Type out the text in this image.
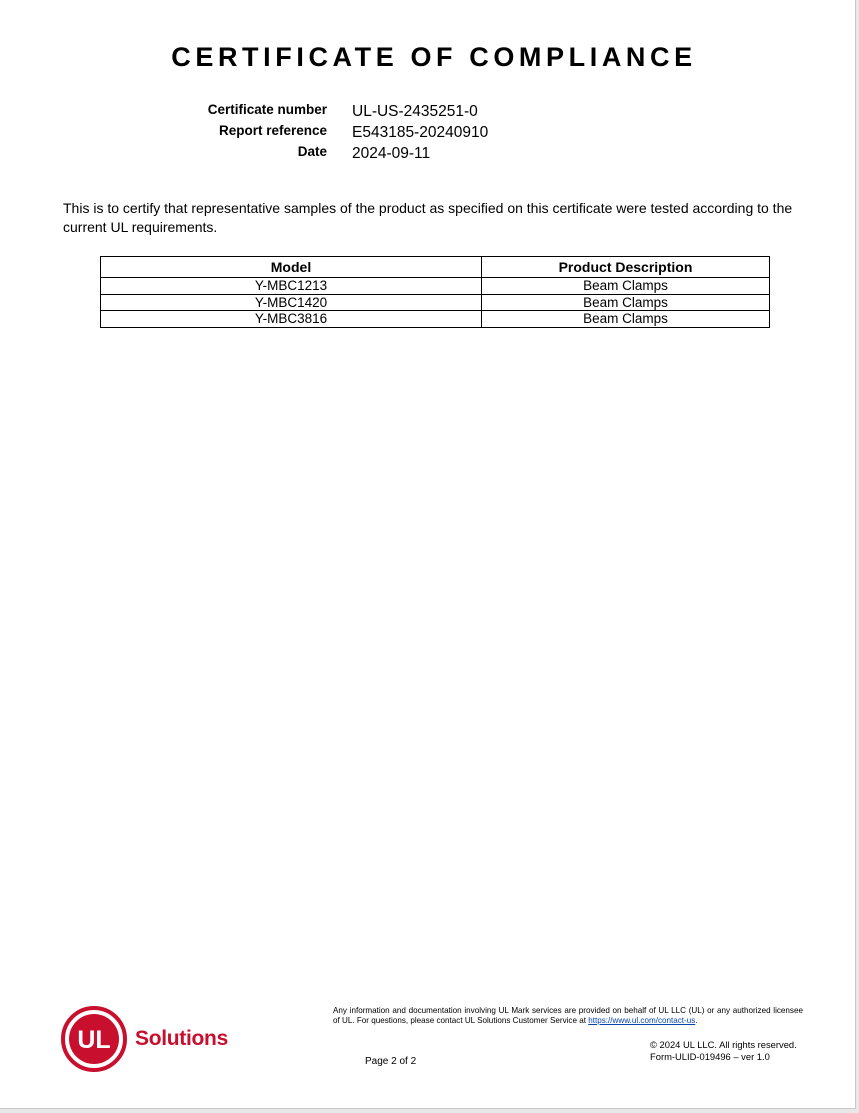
CERTIFICATE OF COMPLIANCE
Certificate number UL-US-2435251-0
Report reference E543185-20240910
Date 2024-09-11
This is to certify that representative samples of the product as specified on this certificate were tested according to the current UL requirements.
Model	Product Description
Y-MBC1213	Beam Clamps
Y-MBC1420	Beam Clamps
Y-MBC3816	Beam Clamps
UL Solutions
Any information and documentation involving UL Mark services are provided on behalf of UL LLC (UL) or any authorized licensee of UL. For questions, please contact UL Solutions Customer Service at https://www.ul.com/contact-us.
© 2024 UL LLC. All rights reserved.
Form-ULID-019496 – ver 1.0
Page 2 of 2
